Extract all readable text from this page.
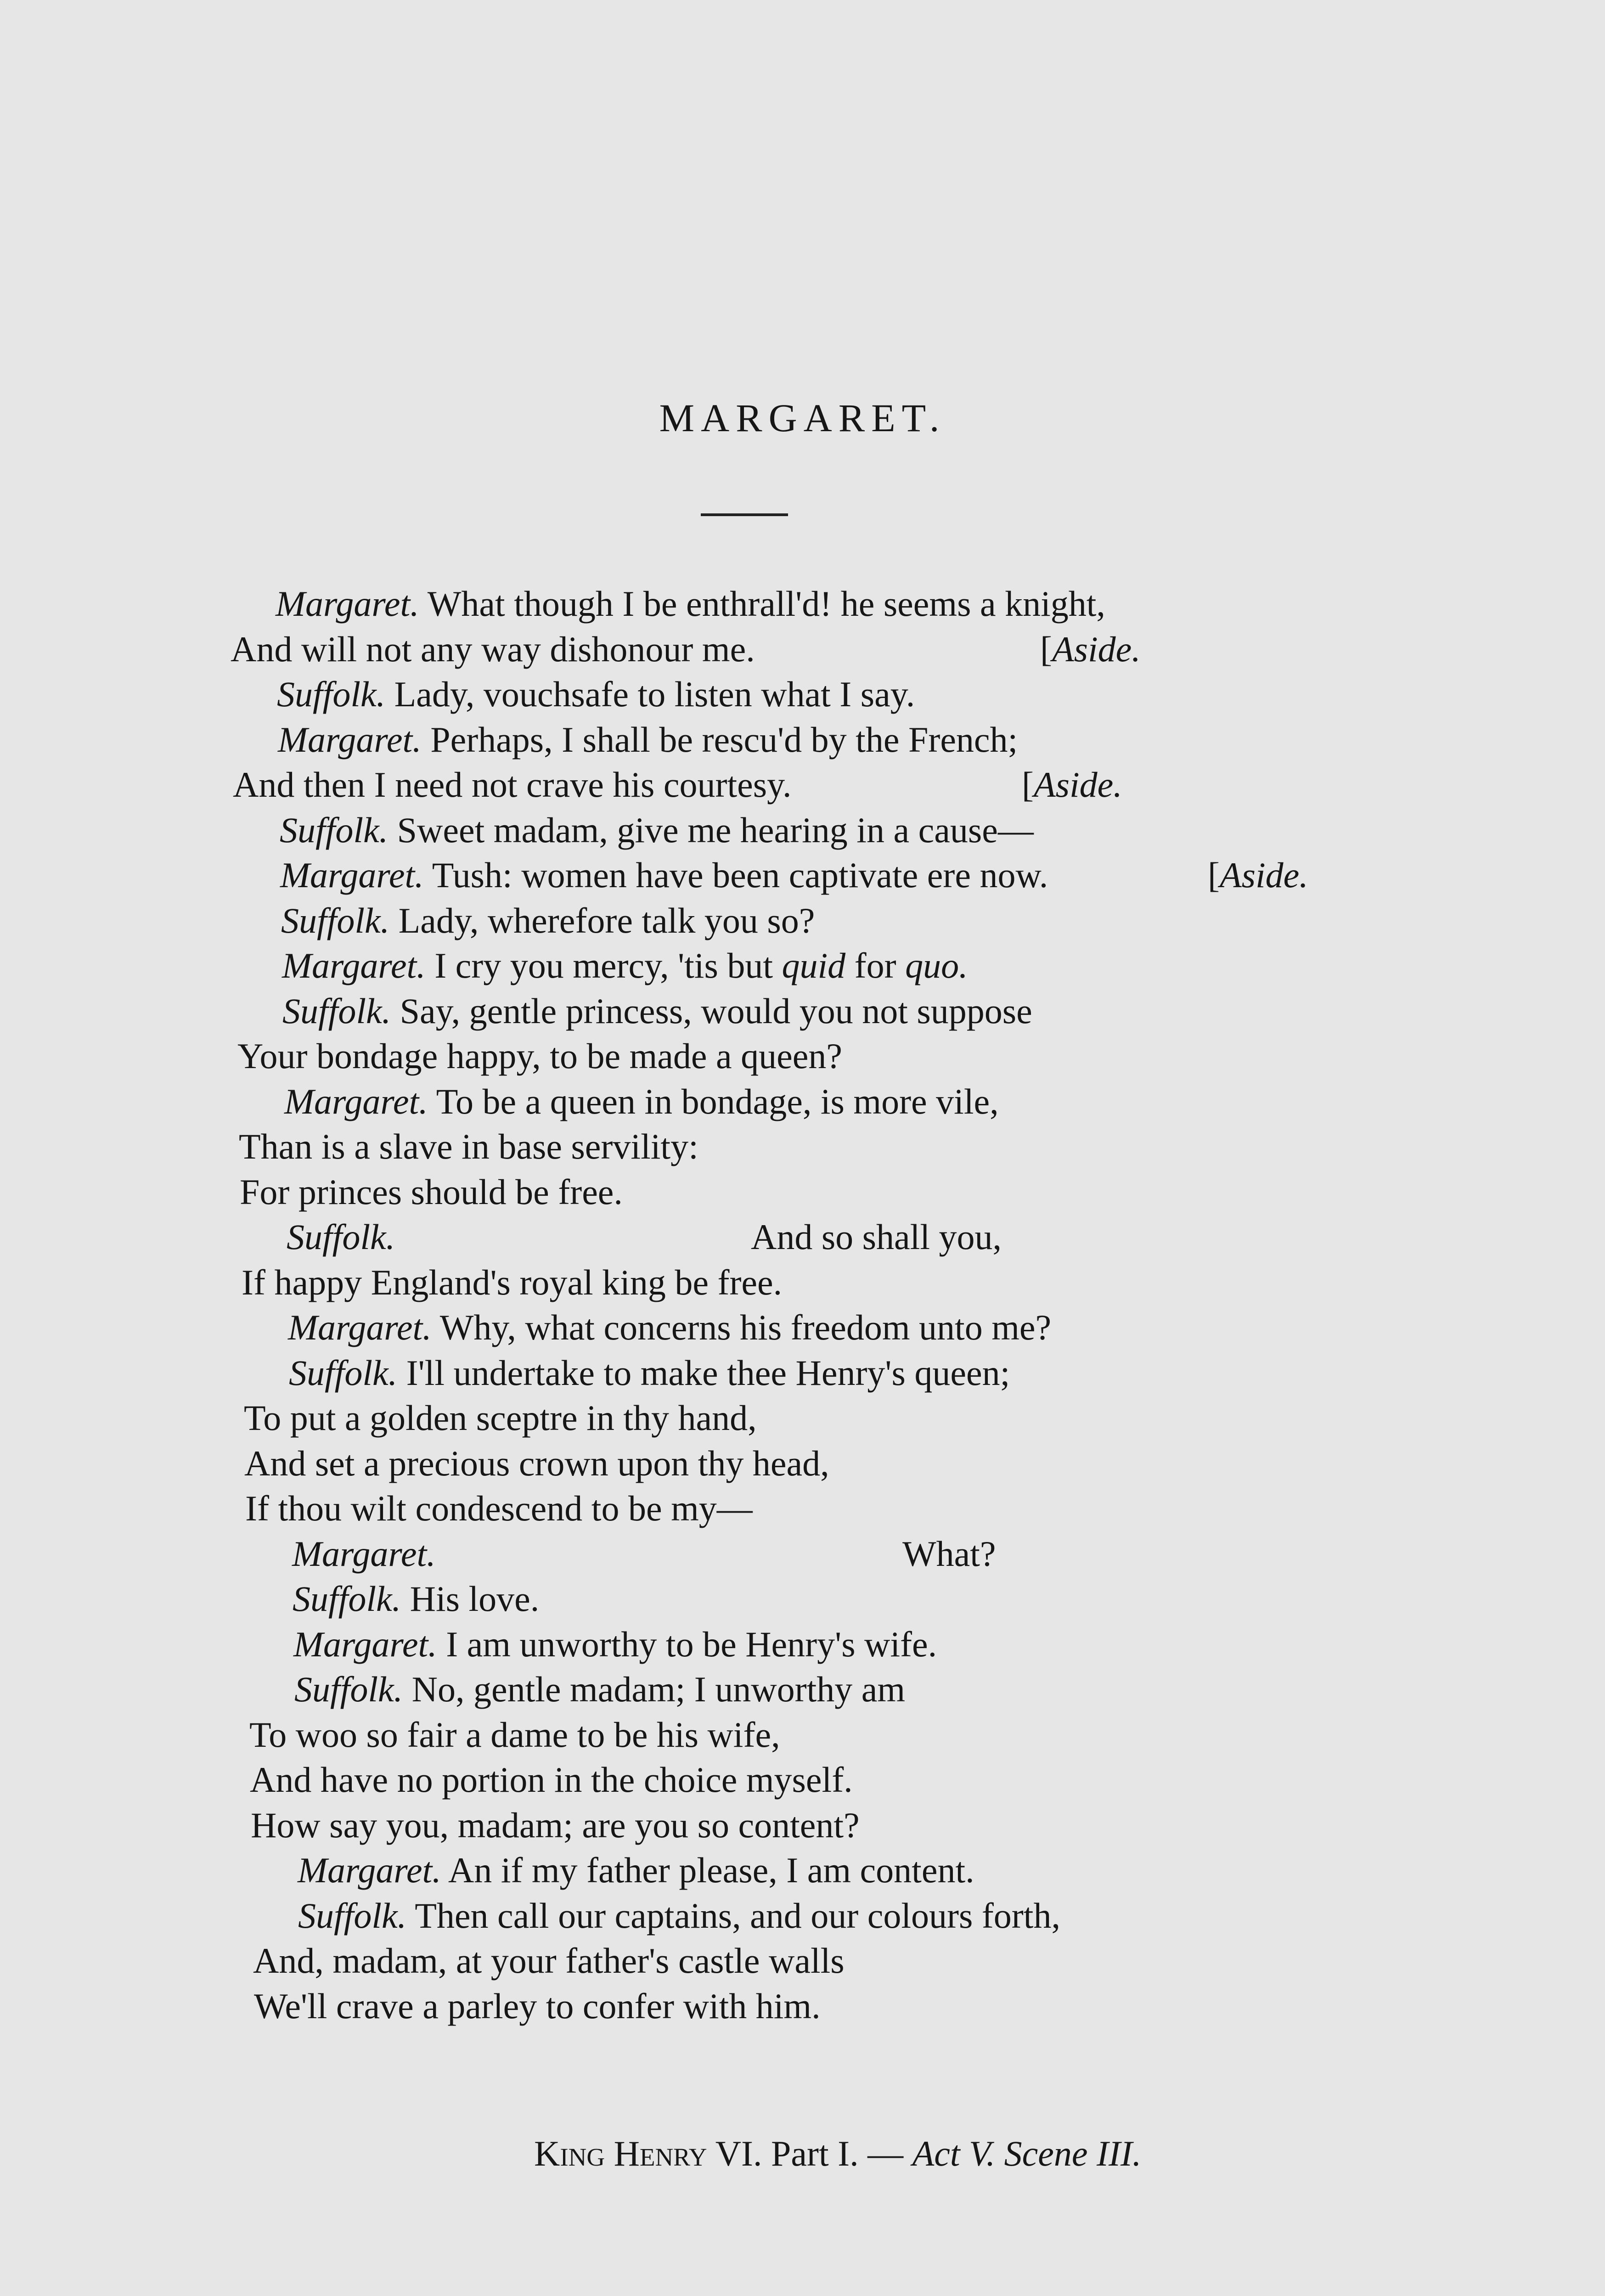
MARGARET.
Margaret. What though I be enthrall'd! he seems a knight,
And will not any way dishonour me.	[Aside.
Suffolk. Lady, vouchsafe to listen what I say.
Margaret. Perhaps, I shall be rescu'd by the French;
And then I need not crave his courtesy.	[Aside.
Suffolk. Sweet madam, give me hearing in a cause—
Margaret. Tush: women have been captivate ere now.	[Aside.
Suffolk. Lady, wherefore talk you so?
Margaret. I cry you mercy, 'tis but quid for quo.
Suffolk. Say, gentle princess, would you not suppose
Your bondage happy, to be made a queen?
Margaret. To be a queen in bondage, is more vile,
Than is a slave in base servility:
For princes should be free.
Suffolk.	And so shall you,
If happy England's royal king be free.
Margaret. Why, what concerns his freedom unto me?
Suffolk. I'll undertake to make thee Henry's queen;
To put a golden sceptre in thy hand,
And set a precious crown upon thy head,
If thou wilt condescend to be my—
Margaret.	What?
Suffolk. His love.
Margaret. I am unworthy to be Henry's wife.
Suffolk. No, gentle madam; I unworthy am
To woo so fair a dame to be his wife,
And have no portion in the choice myself.
How say you, madam; are you so content?
Margaret. An if my father please, I am content.
Suffolk. Then call our captains, and our colours forth,
And, madam, at your father's castle walls
We'll crave a parley to confer with him.
King Henry VI. Part I. — Act V. Scene III.
